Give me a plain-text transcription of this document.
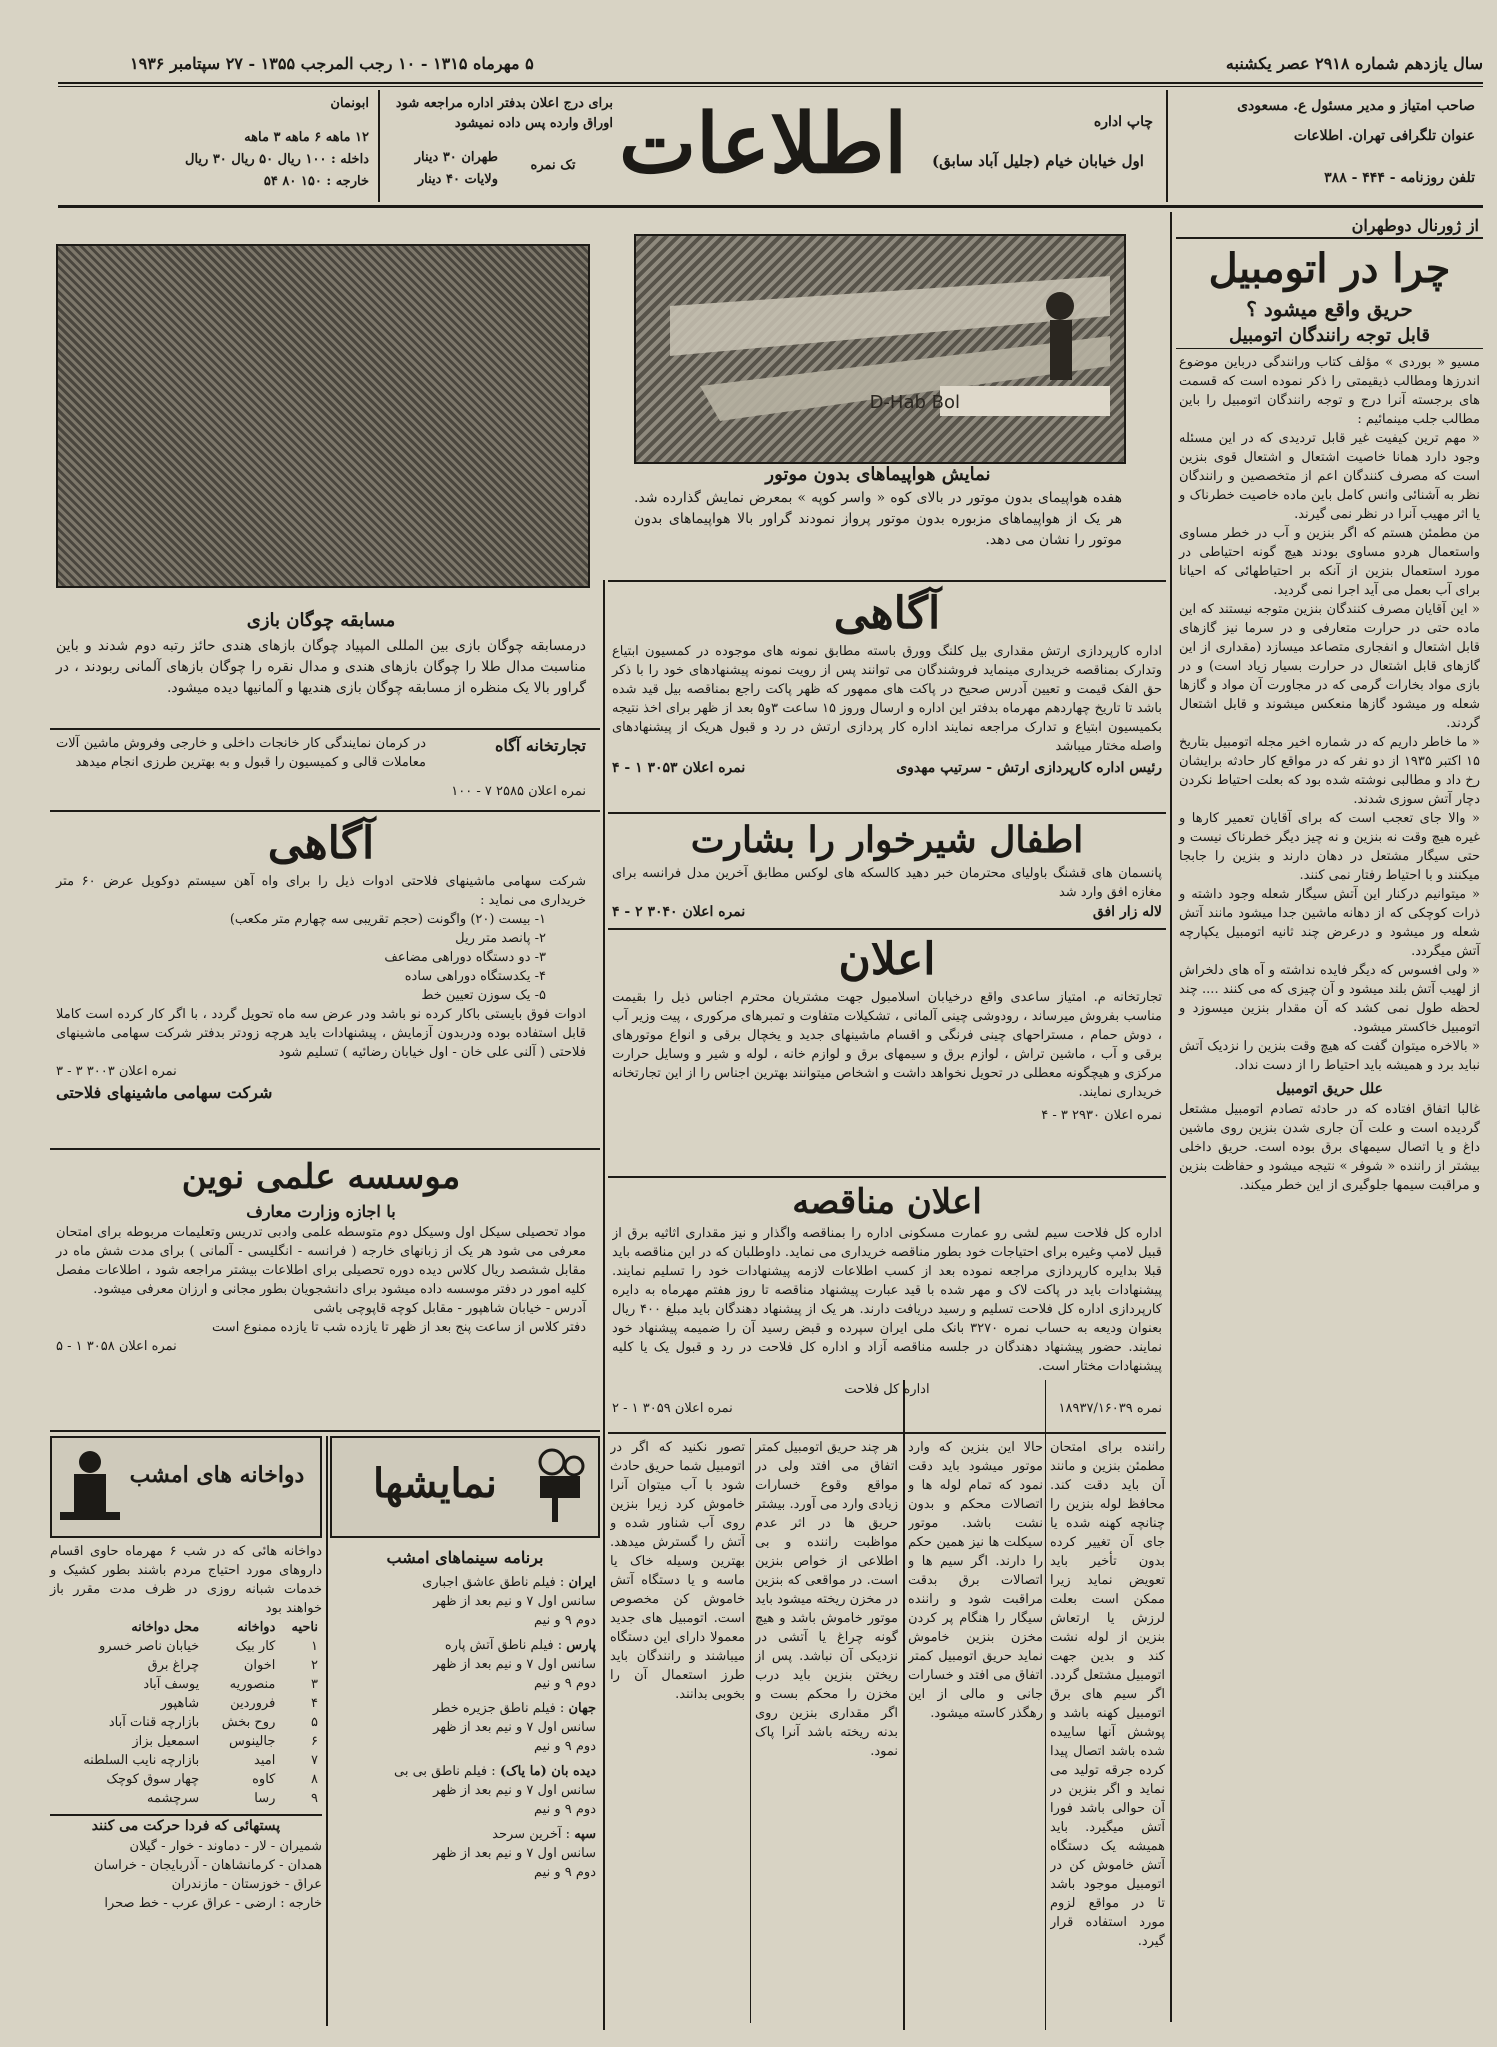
سال یازدهم شماره ۲۹۱۸ عصر یکشنبه
۵ مهرماه ۱۳۱۵ - ۱۰ رجب المرجب ۱۳۵۵ - ۲۷ سپتامبر ۱۹۳۶
صاحب امتیاز و مدیر مسئول ع. مسعودی
عنوان تلگرافی تهران. اطلاعات
تلفن روزنامه - ۴۴۴ - ۳۸۸
چاپ اداره
اول خیابان خیام (جلیل آباد سابق)
اطلاعات
برای درج اعلان بدفتر اداره مراجعه شود
اوراق وارده پس داده نمیشود
طهران ۳۰ دینار
ولایات ۴۰ دینار
تک نمره
ابونمان
۱۲ ماهه ۶ ماهه ۳ ماهه
داخله : ۱۰۰ ریال ۵۰ ریال ۳۰ ریال
خارجه : ۱۵۰ ۸۰ ۵۴
از ژورنال دوطهران
چرا در اتومبیل
حریق واقع میشود ؟
قابل توجه رانندگان اتومبیل

مسیو « بوردی » مؤلف کتاب ورانندگی درباین موضوع اندرزها ومطالب ذیقیمتی را ذکر نموده است که قسمت های برجسته آنرا درج و توجه رانندگان اتومبیل را باین مطالب جلب مینمائیم :

« مهم ترین کیفیت غیر قابل تردیدی که در این مسئله وجود دارد همانا خاصیت اشتعال و اشتعال قوی بنزین است که مصرف کنندگان اعم از متخصصین و رانندگان نظر به آشنائی وانس کامل باین ماده خاصیت خطرناک و یا اثر مهیب آنرا در نظر نمی گیرند.

من مطمئن هستم که اگر بنزین و آب در خطر مساوی واستعمال هردو مساوی بودند هیچ گونه احتیاطی در مورد استعمال بنزین از آنکه بر احتیاطهائی که احیانا برای آب بعمل می آید اجرا نمی گردید.

« این آقایان مصرف کنندگان بنزین متوجه نیستند که این ماده حتی در حرارت متعارفی و در سرما نیز گازهای قابل اشتعال و انفجاری متصاعد میسازد (مقداری از این گازهای قابل اشتعال در حرارت بسیار زیاد است) و در بازی مواد بخارات گرمی که در مجاورت آن مواد و گازها شعله ور میشود گازها منعکس میشوند و قابل اشتعال گردند.

« ما خاطر داریم که در شماره اخیر مجله اتومبیل بتاریخ ۱۵ اکتبر ۱۹۳۵ از دو نفر که در مواقع کار حادثه برایشان رخ داد و مطالبی نوشته شده بود که بعلت احتیاط نکردن دچار آتش سوزی شدند.

« والا جای تعجب است که برای آقایان تعمیر کارها و غیره هیچ وقت نه بنزین و نه چیز دیگر خطرناک نیست و حتی سیگار مشتعل در دهان دارند و بنزین را جابجا میکنند و با احتیاط رفتار نمی کنند.

« میتوانیم درکنار این آتش سیگار شعله وجود داشته و ذرات کوچکی که از دهانه ماشین جدا میشود مانند آتش شعله ور میشود و درعرض چند ثانیه اتومبیل یکپارچه آتش میگردد.

« ولی افسوس که دیگر فایده نداشته و آه های دلخراش از لهیب آتش بلند میشود و آن چیزی که می کنند .... چند لحظه طول نمی کشد که آن مقدار بنزین میسوزد و اتومبیل خاکستر میشود.

« بالاخره میتوان گفت که هیچ وقت بنزین را نزدیک آتش نباید برد و همیشه باید احتیاط را از دست نداد.

علل حریق اتومبیل

غالبا اتفاق افتاده که در حادثه تصادم اتومبیل مشتعل گردیده است و علت آن جاری شدن بنزین روی ماشین داغ و یا اتصال سیمهای برق بوده است. حریق داخلی بیشتر از راننده « شوفر » نتیجه میشود و حفاظت بنزین و مراقبت سیمها جلوگیری از این خطر میکند.

D-Hab Bol
نمایش هواپیماهای بدون موتور
هفده هواپیمای بدون موتور در بالای کوه « واسر کوپه » بمعرض نمایش گذارده شد. هر یک از هواپیماهای مزبوره بدون موتور پرواز نمودند گراور بالا هواپیماهای بدون موتور را نشان می دهد.
مسابقه چوگان بازی
درمسابقه چوگان بازی بین المللی المپیاد چوگان بازهای هندی حائز رتبه دوم شدند و باین مناسبت مدال طلا را چوگان بازهای هندی و مدال نقره را چوگان بازهای آلمانی ربودند ، در گراور بالا یک منظره از مسابقه چوگان بازی هندیها و آلمانیها دیده میشود.
تجارتخانه آگاه
در کرمان نمایندگی کار خانجات داخلی و خارجی وفروش ماشین آلات معاملات قالی و کمیسیون را قبول و به بهترین طرزی انجام میدهد
نمره اعلان ۲۵۸۵ ۷ - ۱۰۰
آگاهی
شرکت سهامی ماشینهای فلاحتی ادوات ذیل را برای واه آهن سیستم دوکویل عرض ۶۰ متر خریداری می نماید :
۱- بیست (۲۰) واگونت (حجم تقریبی سه چهارم متر مکعب)
۲- پانصد متر ریل
۳- دو دستگاه دوراهی مضاعف
۴- یکدستگاه دوراهی ساده
۵- یک سوزن تعیین خط
ادوات فوق بایستی باکار کرده نو باشد ودر عرض سه ماه تحویل گردد ، با اگر کار کرده است کاملا قابل استفاده بوده ودربدون آزمایش ، پیشنهادات باید هرچه زودتر بدفتر شرکت سهامی ماشینهای فلاحتی ( آلنی علی خان - اول خیابان رضائیه ) تسلیم شود
نمره اعلان ۳۰۰۳ ۳ - ۳
شرکت سهامی ماشینهای فلاحتی
موسسه علمی نوین
با اجازه وزارت معارف
مواد تحصیلی سیکل اول وسیکل دوم متوسطه علمی وادبی تدریس وتعلیمات مربوطه برای امتحان معرفی می شود هر یک از زبانهای خارجه ( فرانسه - انگلیسی - آلمانی ) برای مدت شش ماه در مقابل ششصد ریال کلاس دیده دوره تحصیلی برای اطلاعات بیشتر مراجعه شود ، اطلاعات مفصل کلیه امور در دفتر موسسه داده میشود برای دانشجویان بطور مجانی و ارزان معرفی میشود.
آدرس - خیابان شاهپور - مقابل کوچه قاپوچی باشی
دفتر کلاس از ساعت پنج بعد از ظهر تا یازده شب تا یازده ممنوع است
نمره اعلان ۳۰۵۸ ۱ - ۵
آگاهی
اداره کارپردازی ارتش مقداری بیل کلنگ وورق باسته مطابق نمونه های موجوده در کمسیون ابتیاع وتدارک بمناقصه خریداری مینماید فروشندگان می توانند پس از رویت نمونه پیشنهادهای خود را با ذکر حق الفک قیمت و تعیین آدرس صحیح در پاکت های ممهور که ظهر پاکت راجع بمناقصه بیل قید شده باشد تا تاریخ چهاردهم مهرماه بدفتر این اداره و ارسال وروز ۱۵ ساعت ۳و۵ بعد از ظهر برای اخذ نتیجه بکمیسیون ابتیاع و تدارک مراجعه نمایند اداره کار پردازی ارتش در رد و قبول هریک از پیشنهادهای واصله مختار میباشد
رئیس اداره کارپردازی ارتش - سرتیپ مهدوی
نمره اعلان ۳۰۵۳ ۱ - ۴
اطفال شیرخوار را بشارت
پانسمان های قشنگ باولیای محترمان خبر دهید کالسکه های لوکس مطابق آخرین مدل فرانسه برای مغازه افق وارد شد
لاله زار افق
نمره اعلان ۳۰۴۰ ۲ - ۴
اعلان
تجارتخانه م. امتیاز ساعدی واقع درخیابان اسلامبول جهت مشتریان محترم اجناس ذیل را بقیمت مناسب بفروش میرساند ، رودوشی چینی آلمانی ، تشکیلات متفاوت و تمبرهای مرکوری ، پیت وزیر آب ، دوش حمام ، مستراحهای چینی فرنگی و اقسام ماشینهای جدید و یخچال برقی و انواع موتورهای برقی و آب ، ماشین تراش ، لوازم برق و سیمهای برق و لوازم خانه ، لوله و شیر و وسایل حرارت مرکزی و هیچگونه معطلی در تحویل نخواهد داشت و اشخاص میتوانند بهترین اجناس را از این تجارتخانه خریداری نمایند.
نمره اعلان ۲۹۳۰ ۳ - ۴
اعلان مناقصه
اداره کل فلاحت سیم لشی رو عمارت مسکونی اداره را بمناقصه واگذار و نیز مقداری اثاثیه برق از قبیل لامپ وغیره برای احتیاجات خود بطور مناقصه خریداری می نماید. داوطلبان که در این مناقصه باید قبلا بدایره کارپردازی مراجعه نموده بعد از کسب اطلاعات لازمه پیشنهادات خود را تسلیم نمایند. پیشنهادات باید در پاکت لاک و مهر شده با قید عبارت پیشنهاد مناقصه تا روز هفتم مهرماه به دایره کارپردازی اداره کل فلاحت تسلیم و رسید دریافت دارند. هر یک از پیشنهاد دهندگان باید مبلغ ۴۰۰ ریال بعنوان ودیعه به حساب نمره ۳۲۷۰ بانک ملی ایران سپرده و قبض رسید آن را ضمیمه پیشنهاد خود نمایند. حضور پیشنهاد دهندگان در جلسه مناقصه آزاد و اداره کل فلاحت در رد و قبول یک یا کلیه پیشنهادات مختار است.
اداره کل فلاحت
نمره ۱۸۹۳۷/۱۶۰۳۹
نمره اعلان ۳۰۵۹ ۱ - ۲
راننده برای امتحان مطمئن بنزین و مانند آن باید دقت کند. محافظ لوله بنزین را چنانچه کهنه شده یا جای آن تغییر کرده بدون تأخیر باید تعویض نماید زیرا ممکن است بعلت لرزش یا ارتعاش بنزین از لوله نشت کند و بدین جهت اتومبیل مشتعل گردد. اگر سیم های برق اتومبیل کهنه باشد و پوشش آنها ساییده شده باشد اتصال پیدا کرده جرقه تولید می نماید و اگر بنزین در آن حوالی باشد فورا آتش میگیرد. باید همیشه یک دستگاه آتش خاموش کن در اتومبیل موجود باشد تا در مواقع لزوم مورد استفاده قرار گیرد.
حالا این بنزین که وارد موتور میشود باید دقت نمود که تمام لوله ها و اتصالات محکم و بدون نشت باشد. موتور سیکلت ها نیز همین حکم را دارند. اگر سیم ها و اتصالات برق بدقت مراقبت شود و راننده سیگار را هنگام پر کردن مخزن بنزین خاموش نماید حریق اتومبیل کمتر اتفاق می افتد و خسارات جانی و مالی از این رهگذر کاسته میشود.
هر چند حریق اتومبیل کمتر اتفاق می افتد ولی در مواقع وقوع خسارات زیادی وارد می آورد. بیشتر حریق ها در اثر عدم مواظبت راننده و بی اطلاعی از خواص بنزین است. در مواقعی که بنزین در مخزن ریخته میشود باید موتور خاموش باشد و هیچ گونه چراغ یا آتشی در نزدیکی آن نباشد. پس از ریختن بنزین باید درب مخزن را محکم بست و اگر مقداری بنزین روی بدنه ریخته باشد آنرا پاک نمود.
تصور نکنید که اگر در اتومبیل شما حریق حادث شود با آب میتوان آنرا خاموش کرد زیرا بنزین روی آب شناور شده و آتش را گسترش میدهد. بهترین وسیله خاک یا ماسه و یا دستگاه آتش خاموش کن مخصوص است. اتومبیل های جدید معمولا دارای این دستگاه میباشند و رانندگان باید طرز استعمال آن را بخوبی بدانند.
نمایشها
برنامه سینماهای امشب
ایران : فیلم ناطق عاشق اجباری
سانس اول ۷ و نیم بعد از ظهر
دوم ۹ و نیم
پارس : فیلم ناطق آتش پاره
سانس اول ۷ و نیم بعد از ظهر
دوم ۹ و نیم
جهان : فیلم ناطق جزیره خطر
سانس اول ۷ و نیم بعد از ظهر
دوم ۹ و نیم
دیده بان (ما یاک) : فیلم ناطق بی بی
سانس اول ۷ و نیم بعد از ظهر
دوم ۹ و نیم
سپه : آخرین سرحد
سانس اول ۷ و نیم بعد از ظهر
دوم ۹ و نیم
دواخانه های امشب
دواخانه هائی که در شب ۶ مهرماه حاوی اقسام داروهای مورد احتیاج مردم باشند بطور کشیک و خدمات شبانه روزی در ظرف مدت مقرر باز خواهند بود
ناحیه	دواخانه	محل دواخانه
۱	کار بیک	خیابان ناصر خسرو
۲	اخوان	چراغ برق
۳	منصوریه	یوسف آباد
۴	فروردین	شاهپور
۵	روح بخش	بازارچه قنات آباد
۶	جالینوس	اسمعیل بزاز
۷	امید	بازارچه نایب السلطنه
۸	کاوه	چهار سوق کوچک
۹	رسا	سرچشمه
پستهائی که فردا حرکت می کنند
شمیران - لار - دماوند - خوار - گیلان
همدان - کرمانشاهان - آذربایجان - خراسان
عراق - خوزستان - مازندران
خارجه : ارضی - عراق عرب - خط صحرا
